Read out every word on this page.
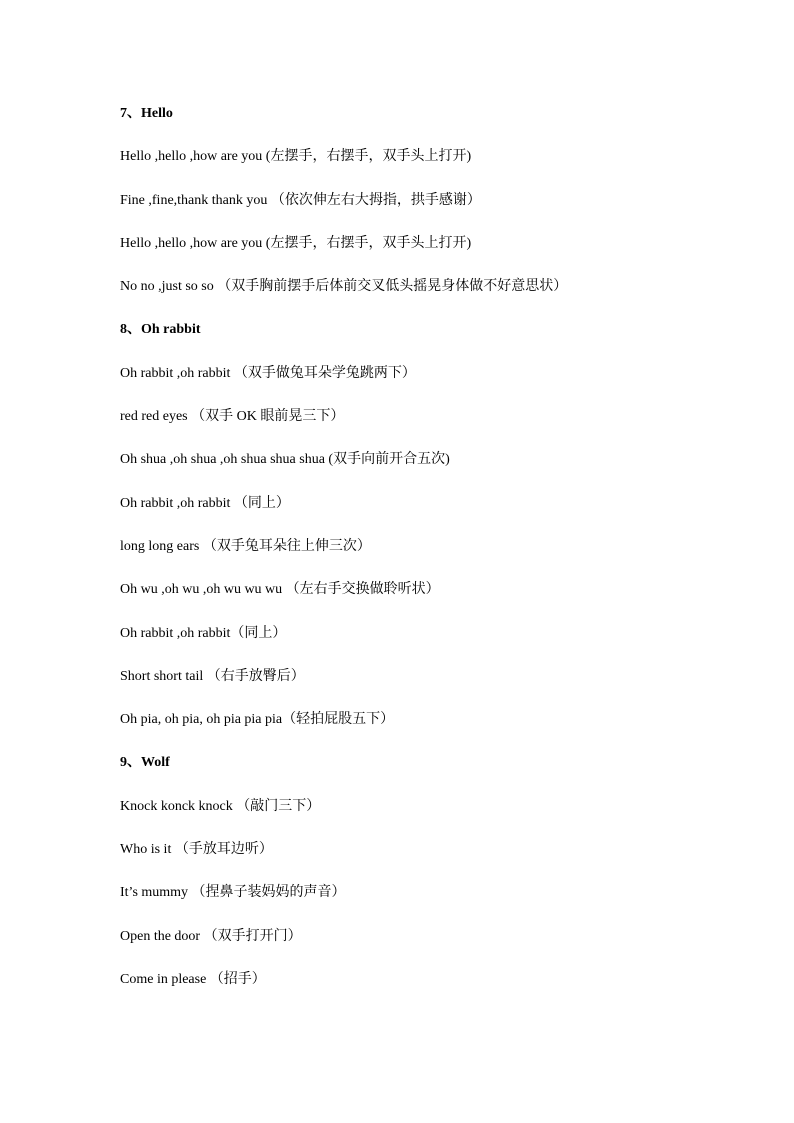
7、Hello
Hello ,hello ,how are you (左摆手，右摆手，双手头上打开)
Fine ,fine,thank thank you （依次伸左右大拇指，拱手感谢）
Hello ,hello ,how are you (左摆手，右摆手，双手头上打开)
No no ,just so so （双手胸前摆手后体前交叉低头摇晃身体做不好意思状）
8、Oh rabbit
Oh rabbit ,oh rabbit （双手做兔耳朵学兔跳两下）
red red eyes （双手 OK 眼前晃三下）
Oh shua ,oh shua ,oh shua shua shua (双手向前开合五次)
Oh rabbit ,oh rabbit （同上）
long long ears （双手兔耳朵往上伸三次）
Oh wu ,oh wu ,oh wu wu wu （左右手交换做聆听状）
Oh rabbit ,oh rabbit（同上）
Short short tail （右手放臀后）
Oh pia, oh pia, oh pia pia pia（轻拍屁股五下）
9、Wolf
Knock konck knock （敲门三下）
Who is it （手放耳边听）
It’s mummy （捏鼻子装妈妈的声音）
Open the door （双手打开门）
Come in please （招手）
